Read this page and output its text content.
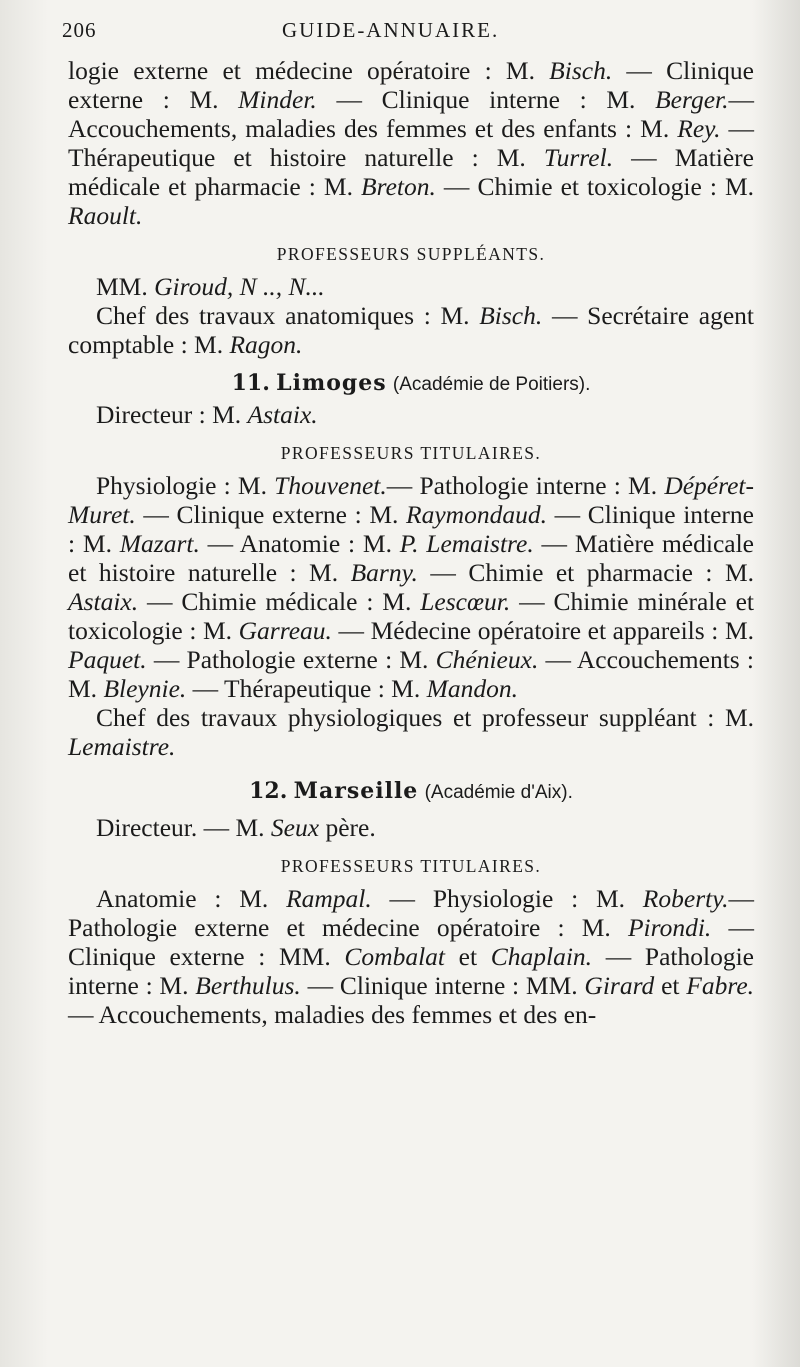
206	GUIDE-ANNUAIRE.

logie externe et médecine opératoire : M. Bisch. — Clinique externe : M. Minder. — Clinique interne : M. Berger.— Accouchements, maladies des femmes et des enfants : M. Rey. — Thérapeutique et histoire naturelle : M. Turrel. — Matière médicale et pharmacie : M. Breton. — Chimie et toxicologie : M. Raoult.

PROFESSEURS SUPPLÉANTS.

MM. Giroud, N .., N...

Chef des travaux anatomiques : M. Bisch. — Secrétaire agent comptable : M. Ragon.

11. Limoges (Académie de Poitiers).

Directeur : M. Astaix.

PROFESSEURS TITULAIRES.

Physiologie : M. Thouvenet.— Pathologie interne : M. Dépéret-Muret. — Clinique externe : M. Raymondaud. — Clinique interne : M. Mazart. — Anatomie : M. P. Lemaistre. — Matière médicale et histoire naturelle : M. Barny. — Chimie et pharmacie : M. Astaix. — Chimie médicale : M. Lescœur. — Chimie minérale et toxicologie : M. Garreau. — Médecine opératoire et appareils : M. Paquet. — Pathologie externe : M. Chénieux. — Accouchements : M. Bleynie. — Thérapeutique : M. Mandon.

Chef des travaux physiologiques et professeur suppléant : M. Lemaistre.

12. Marseille (Académie d'Aix).

Directeur. — M. Seux père.

PROFESSEURS TITULAIRES.

Anatomie : M. Rampal. — Physiologie : M. Roberty.— Pathologie externe et médecine opératoire : M. Pirondi. — Clinique externe : MM. Combalat et Chaplain. — Pathologie interne : M. Berthulus. — Clinique interne : MM. Girard et Fabre. — Accouchements, maladies des femmes et des en-
